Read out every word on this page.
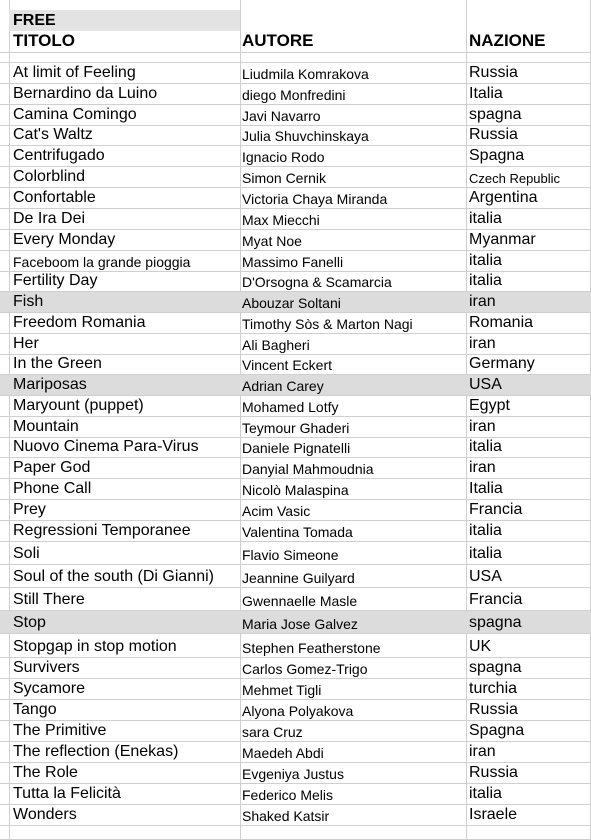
FREE
TITOLO	AUTORE	NAZIONE
At limit of Feeling	Liudmila Komrakova	Russia
Bernardino da Luino	diego Monfredini	Italia
Camina Comingo	Javi Navarro	spagna
Cat's Waltz	Julia Shuvchinskaya	Russia
Centrifugado	Ignacio Rodo	Spagna
Colorblind	Simon Cernik	Czech Republic
Confortable	Victoria Chaya Miranda	Argentina
De Ira Dei	Max Miecchi	italia
Every Monday	Myat Noe	Myanmar
Faceboom la grande pioggia	Massimo Fanelli	italia
Fertility Day	D'Orsogna & Scamarcia	italia
Fish	Abouzar Soltani	iran
Freedom Romania	Timothy Sòs & Marton Nagi	Romania
Her	Ali Bagheri	iran
In the Green	Vincent Eckert	Germany
Mariposas	Adrian Carey	USA
Maryount (puppet)	Mohamed Lotfy	Egypt
Mountain	Teymour Ghaderi	iran
Nuovo Cinema Para-Virus	Daniele Pignatelli	italia
Paper God	Danyial Mahmoudnia	iran
Phone Call	Nicolò Malaspina	Italia
Prey	Acim Vasic	Francia
Regressioni Temporanee	Valentina Tomada	italia
Soli	Flavio Simeone	italia
Soul of the south (Di Gianni)	Jeannine Guilyard	USA
Still There	Gwennaelle Masle	Francia
Stop	Maria Jose Galvez	spagna
Stopgap in stop motion	Stephen Featherstone	UK
Survivers	Carlos Gomez-Trigo	spagna
Sycamore	Mehmet Tigli	turchia
Tango	Alyona Polyakova	Russia
The Primitive	sara Cruz	Spagna
The reflection (Enekas)	Maedeh Abdi	iran
The Role	Evgeniya Justus	Russia
Tutta la Felicità	Federico Melis	italia
Wonders	Shaked Katsir	Israele
